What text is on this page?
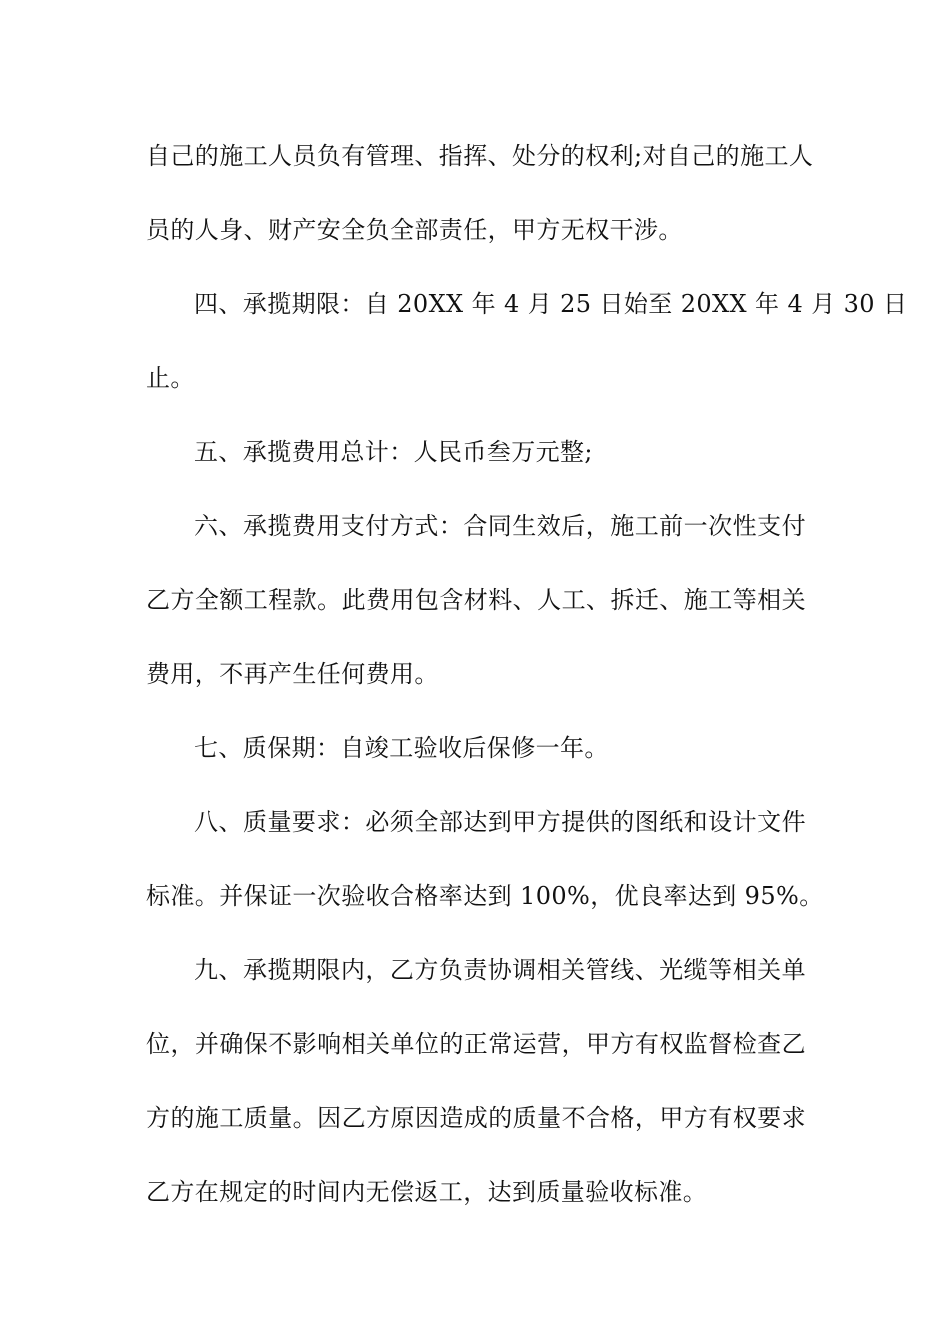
自己的施工人员负有管理、指挥、处分的权利;对自己的施工人
员的人身、财产安全负全部责任，甲方无权干涉。
四、承揽期限：自 20XX 年 4 月 25 日始至 20XX 年 4 月 30 日
止。
五、承揽费用总计：人民币叁万元整;
六、承揽费用支付方式：合同生效后，施工前一次性支付
乙方全额工程款。此费用包含材料、人工、拆迁、施工等相关
费用，不再产生任何费用。
七、质保期：自竣工验收后保修一年。
八、质量要求：必须全部达到甲方提供的图纸和设计文件
标准。并保证一次验收合格率达到 100%，优良率达到 95%。
九、承揽期限内，乙方负责协调相关管线、光缆等相关单
位，并确保不影响相关单位的正常运营，甲方有权监督检查乙
方的施工质量。因乙方原因造成的质量不合格，甲方有权要求
乙方在规定的时间内无偿返工，达到质量验收标准。
